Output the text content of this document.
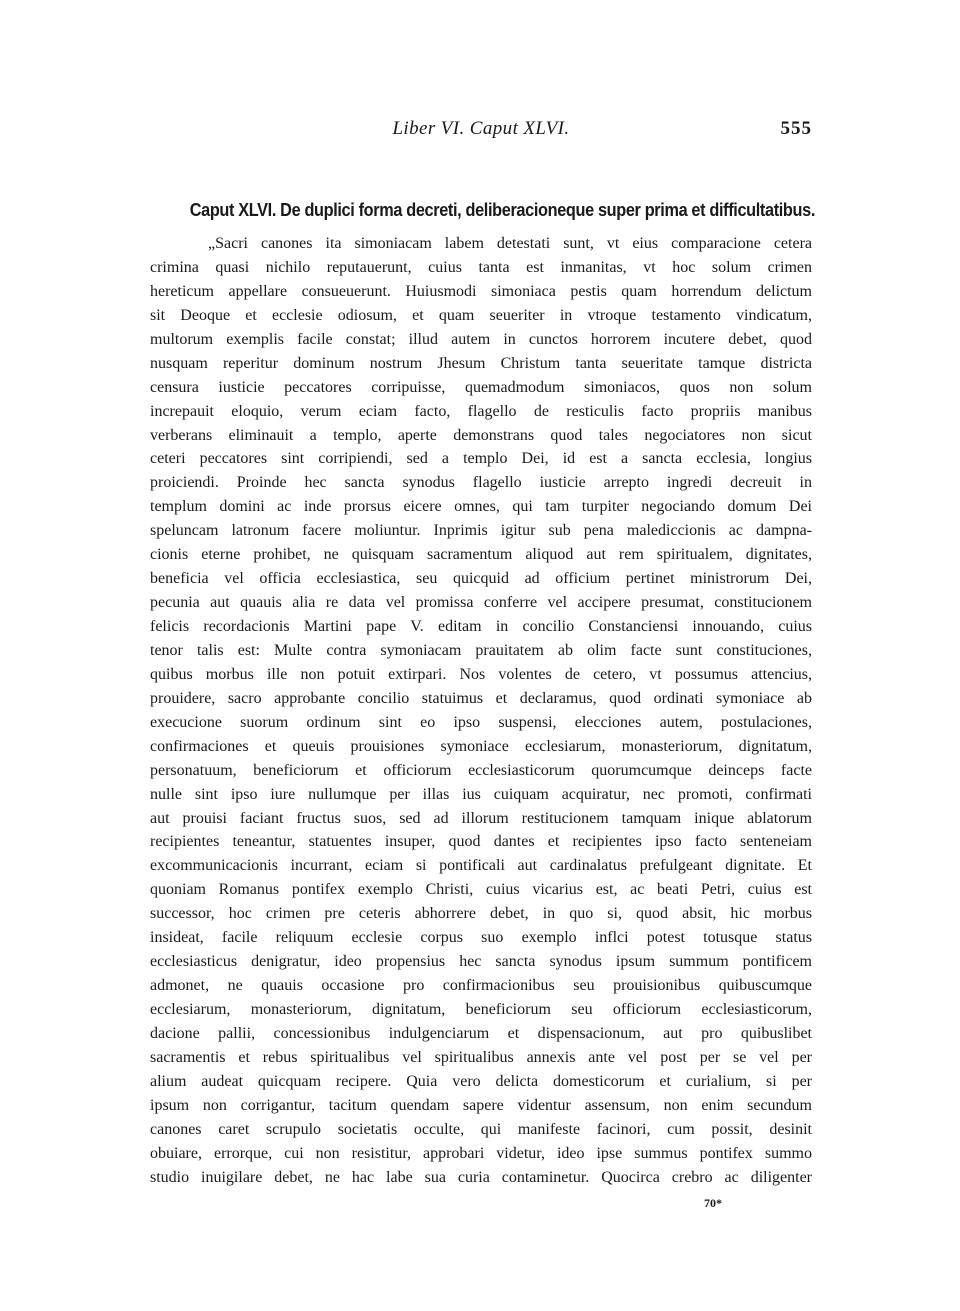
Liber VI. Caput XLVI.	555
Caput XLVI. De duplici forma decreti, deliberacioneque super prima et difficultatibus.
„Sacri canones ita simoniacam labem detestati sunt, vt eius comparacione cetera
crimina quasi nichilo reputauerunt, cuius tanta est inmanitas, vt hoc solum crimen
hereticum appellare consueuerunt. Huiusmodi simoniaca pestis quam horrendum delictum
sit Deoque et ecclesie odiosum, et quam seueriter in vtroque testamento vindicatum,
multorum exemplis facile constat; illud autem in cunctos horrorem incutere debet, quod
nusquam reperitur dominum nostrum Jhesum Christum tanta seueritate tamque districta
censura iusticie peccatores corripuisse, quemadmodum simoniacos, quos non solum
increpauit eloquio, verum eciam facto, flagello de resticulis facto propriis manibus
verberans eliminauit a templo, aperte demonstrans quod tales negociatores non sicut
ceteri peccatores sint corripiendi, sed a templo Dei, id est a sancta ecclesia, longius
proiciendi. Proinde hec sancta synodus flagello iusticie arrepto ingredi decreuit in
templum domini ac inde prorsus eicere omnes, qui tam turpiter negociando domum Dei
speluncam latronum facere moliuntur. Inprimis igitur sub pena malediccionis ac dampna-
cionis eterne prohibet, ne quisquam sacramentum aliquod aut rem spiritualem, dignitates,
beneficia vel officia ecclesiastica, seu quicquid ad officium pertinet ministrorum Dei,
pecunia aut quauis alia re data vel promissa conferre vel accipere presumat, constitucionem
felicis recordacionis Martini pape V. editam in concilio Constanciensi innouando, cuius
tenor talis est: Multe contra symoniacam prauitatem ab olim facte sunt constituciones,
quibus morbus ille non potuit extirpari. Nos volentes de cetero, vt possumus attencius,
prouidere, sacro approbante concilio statuimus et declaramus, quod ordinati symoniace ab
execucione suorum ordinum sint eo ipso suspensi, elecciones autem, postulaciones,
confirmaciones et queuis prouisiones symoniace ecclesiarum, monasteriorum, dignitatum,
personatuum, beneficiorum et officiorum ecclesiasticorum quorumcumque deinceps facte
nulle sint ipso iure nullumque per illas ius cuiquam acquiratur, nec promoti, confirmati
aut prouisi faciant fructus suos, sed ad illorum restitucionem tamquam inique ablatorum
recipientes teneantur, statuentes insuper, quod dantes et recipientes ipso facto senteneiam
excommunicacionis incurrant, eciam si pontificali aut cardinalatus prefulgeant dignitate. Et
quoniam Romanus pontifex exemplo Christi, cuius vicarius est, ac beati Petri, cuius est
successor, hoc crimen pre ceteris abhorrere debet, in quo si, quod absit, hic morbus
insideat, facile reliquum ecclesie corpus suo exemplo inflci potest totusque status
ecclesiasticus denigratur, ideo propensius hec sancta synodus ipsum summum pontificem
admonet, ne quauis occasione pro confirmacionibus seu prouisionibus quibuscumque
ecclesiarum, monasteriorum, dignitatum, beneficiorum seu officiorum ecclesiasticorum,
dacione pallii, concessionibus indulgenciarum et dispensacionum, aut pro quibuslibet
sacramentis et rebus spiritualibus vel spiritualibus annexis ante vel post per se vel per
alium audeat quicquam recipere. Quia vero delicta domesticorum et curialium, si per
ipsum non corrigantur, tacitum quendam sapere videntur assensum, non enim secundum
canones caret scrupulo societatis occulte, qui manifeste facinori, cum possit, desinit
obuiare, errorque, cui non resistitur, approbari videtur, ideo ipse summus pontifex summo
studio inuigilare debet, ne hac labe sua curia contaminetur. Quocirca crebro ac diligenter
70*
